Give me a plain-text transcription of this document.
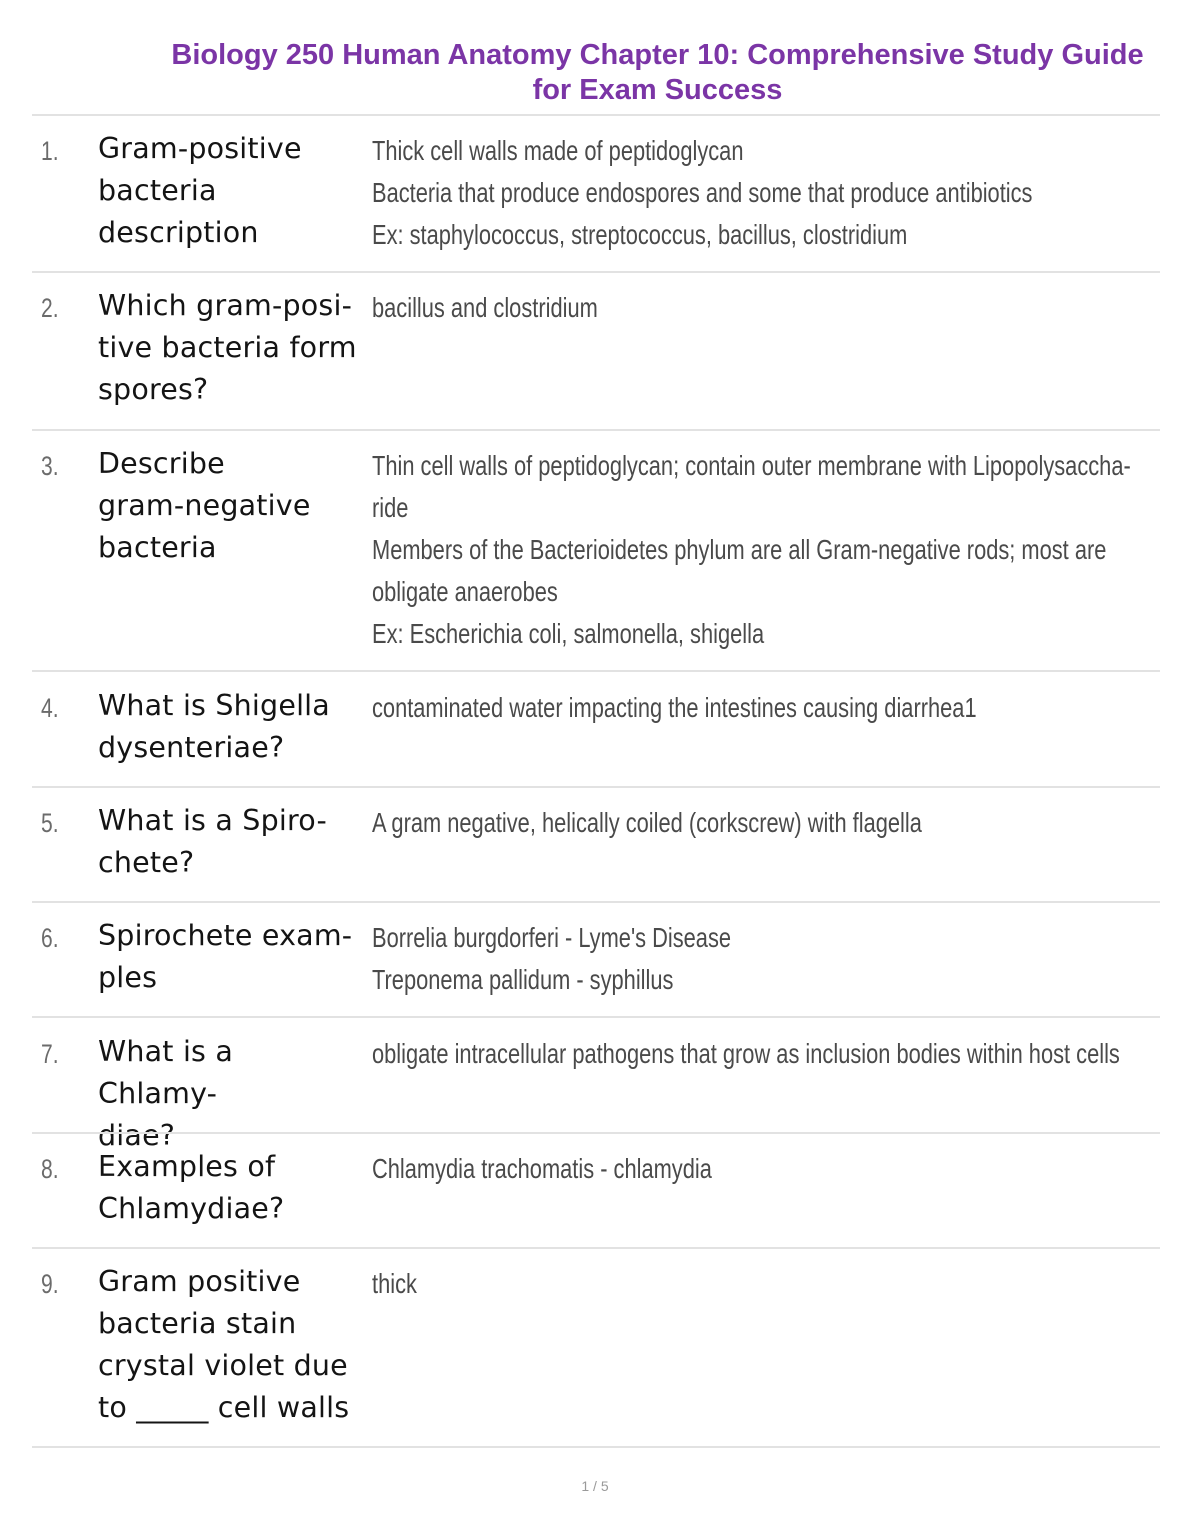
Biology 250 Human Anatomy Chapter 10: Comprehensive Study Guide
for Exam Success
1. Gram-positive
bacteria
description
Thick cell walls made of peptidoglycan
Bacteria that produce endospores and some that produce antibiotics
Ex: staphylococcus, streptococcus, bacillus, clostridium
2. Which gram-posi-
tive bacteria form
spores?
bacillus and clostridium
3. Describe
gram-negative
bacteria
Thin cell walls of peptidoglycan; contain outer membrane with Lipopolysaccha-
ride
Members of the Bacterioidetes phylum are all Gram-negative rods; most are
obligate anaerobes
Ex: Escherichia coli, salmonella, shigella
4. What is Shigella
dysenteriae?
contaminated water impacting the intestines causing diarrhea1
5. What is a Spiro-
chete?
A gram negative, helically coiled (corkscrew) with flagella
6. Spirochete exam-
ples
Borrelia burgdorferi - Lyme's Disease
Treponema pallidum - syphillus
7. What is a Chlamy-
diae?
obligate intracellular pathogens that grow as inclusion bodies within host cells
8. Examples of
Chlamydiae?
Chlamydia trachomatis - chlamydia
9. Gram positive
bacteria stain
crystal violet due
to _____ cell walls
thick
1 / 5
